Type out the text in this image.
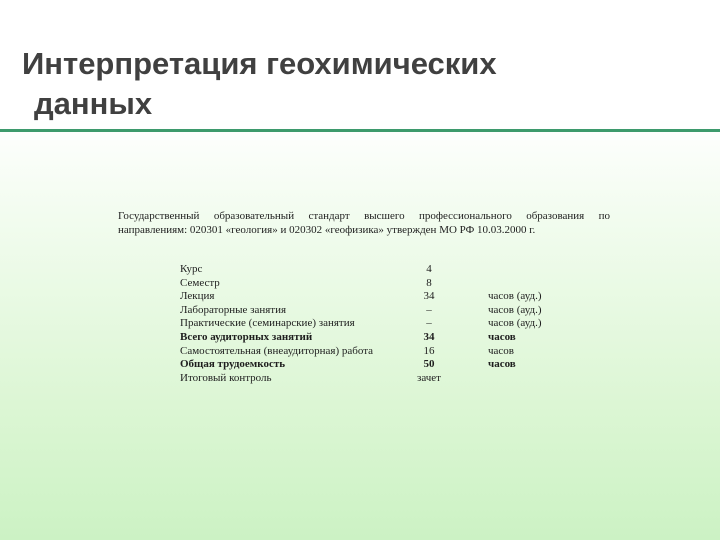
Интерпретация геохимических
данных
Государственный образовательный стандарт высшего профессионального образования по направлениям: 020301 «геология» и 020302 «геофизика» утвержден МО РФ 10.03.2000 г.
Курс	4	
Семестр	8	
Лекция	34	часов (ауд.)
Лабораторные занятия	–	часов (ауд.)
Практические (семинарские) занятия	–	часов (ауд.)
Всего аудиторных занятий	34	часов
Самостоятельная (внеаудиторная) работа	16	часов
Общая трудоемкость	50	часов
Итоговый контроль	зачет	
